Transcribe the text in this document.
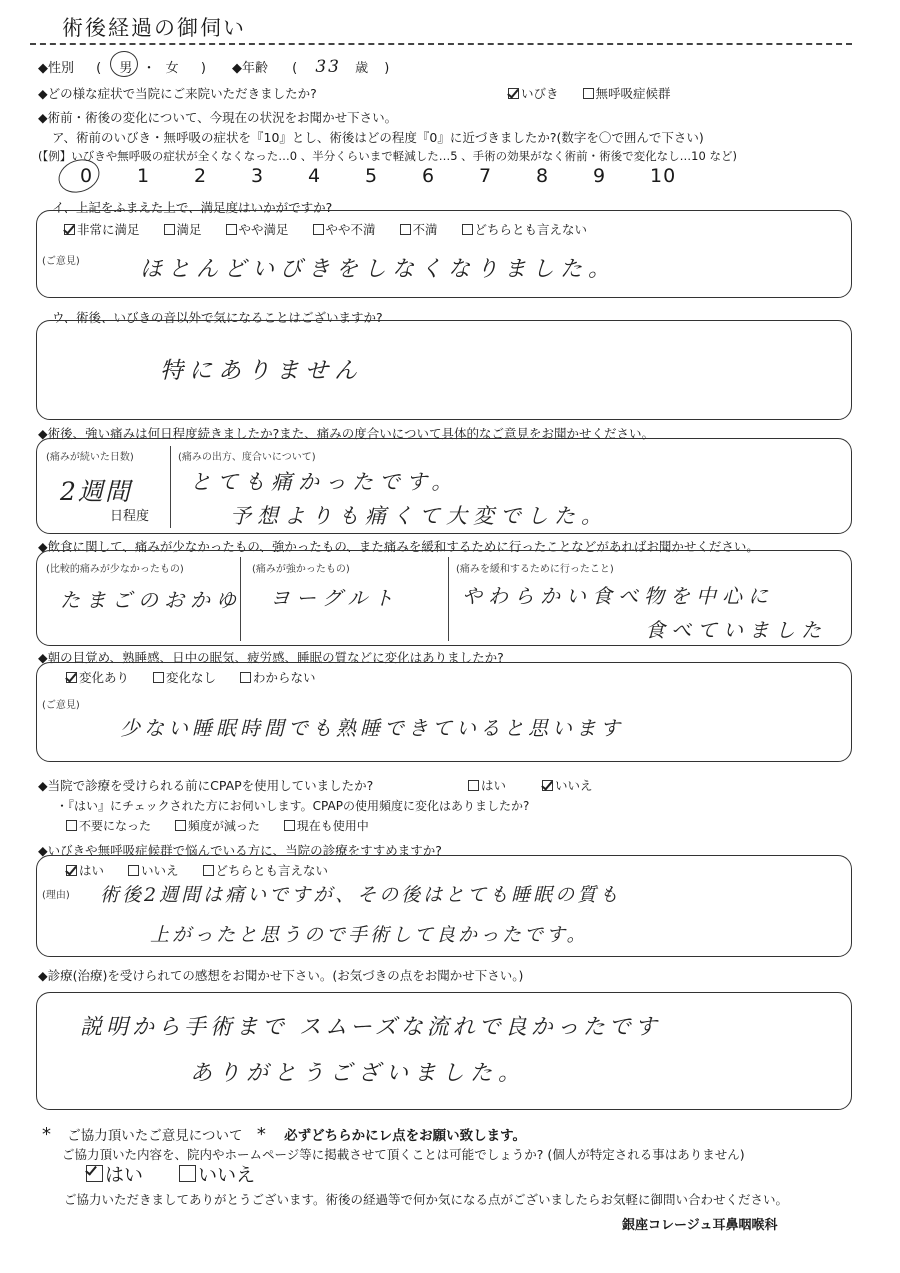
術後経過の御伺い
◆性別 ( 男 ・ 女 ) ◆年齢 ( 33 歳 )
◆どの様な症状で当院にご来院いただきましたか?	いびき	無呼吸症候群
◆術前・術後の変化について、今現在の状況をお聞かせ下さい。
ア、術前のいびき・無呼吸の症状を『10』とし、術後はどの程度『0』に近づきましたか?(数字を〇で囲んで下さい)
(【例】いびきや無呼吸の症状が全くなくなった…0 、半分くらいまで軽減した…5 、手術の効果がなく術前・術後で変化なし…10 など)
0 1 2 3 4 5 6 7 8 9 10
イ、上記をふまえた上で、満足度はいかがですか?
非常に満足	満足	やや満足	やや不満	不満	どちらとも言えない
(ご意見)	ほとんどいびきをしなくなりました。
ウ、術後、いびきの音以外で気になることはございますか?
特にありません
◆術後、強い痛みは何日程度続きましたか?また、痛みの度合いについて具体的なご意見をお聞かせください。
(痛みが続いた日数)
2週間
日程度
(痛みの出方、度合いについて)
とても痛かったです。
予想よりも痛くて大変でした。
◆飲食に関して、痛みが少なかったもの、強かったもの、また痛みを緩和するために行ったことなどがあればお聞かせください。
(比較的痛みが少なかったもの)
たまごのおかゆ
(痛みが強かったもの)
ヨーグルト
(痛みを緩和するために行ったこと)
やわらかい食べ物を中心に
食べていました
◆朝の目覚め、熟睡感、日中の眠気、疲労感、睡眠の質などに変化はありましたか?
変化あり	変化なし	わからない
(ご意見)
少ない睡眠時間でも熟睡できていると思います
◆当院で診療を受けられる前にCPAPを使用していましたか?	はい	いいえ
・『はい』にチェックされた方にお伺いします。CPAPの使用頻度に変化はありましたか?
不要になった	頻度が減った	現在も使用中
◆いびきや無呼吸症候群で悩んでいる方に、当院の診療をすすめますか?
はい	いいえ	どちらとも言えない
(理由) 術後2週間は痛いですが、その後はとても睡眠の質も
上がったと思うので手術して良かったです。
◆診療(治療)を受けられての感想をお聞かせ下さい。(お気づきの点をお聞かせ下さい。)
説明から手術まで スムーズな流れで良かったです
ありがとうございました。
* ご協力頂いたご意見について * 必ずどちらかにレ点をお願い致します。
ご協力頂いた内容を、院内やホームページ等に掲載させて頂くことは可能でしょうか? (個人が特定される事はありません)
はい	いいえ
ご協力いただきましてありがとうございます。術後の経過等で何か気になる点がございましたらお気軽に御問い合わせください。
銀座コレージュ耳鼻咽喉科
